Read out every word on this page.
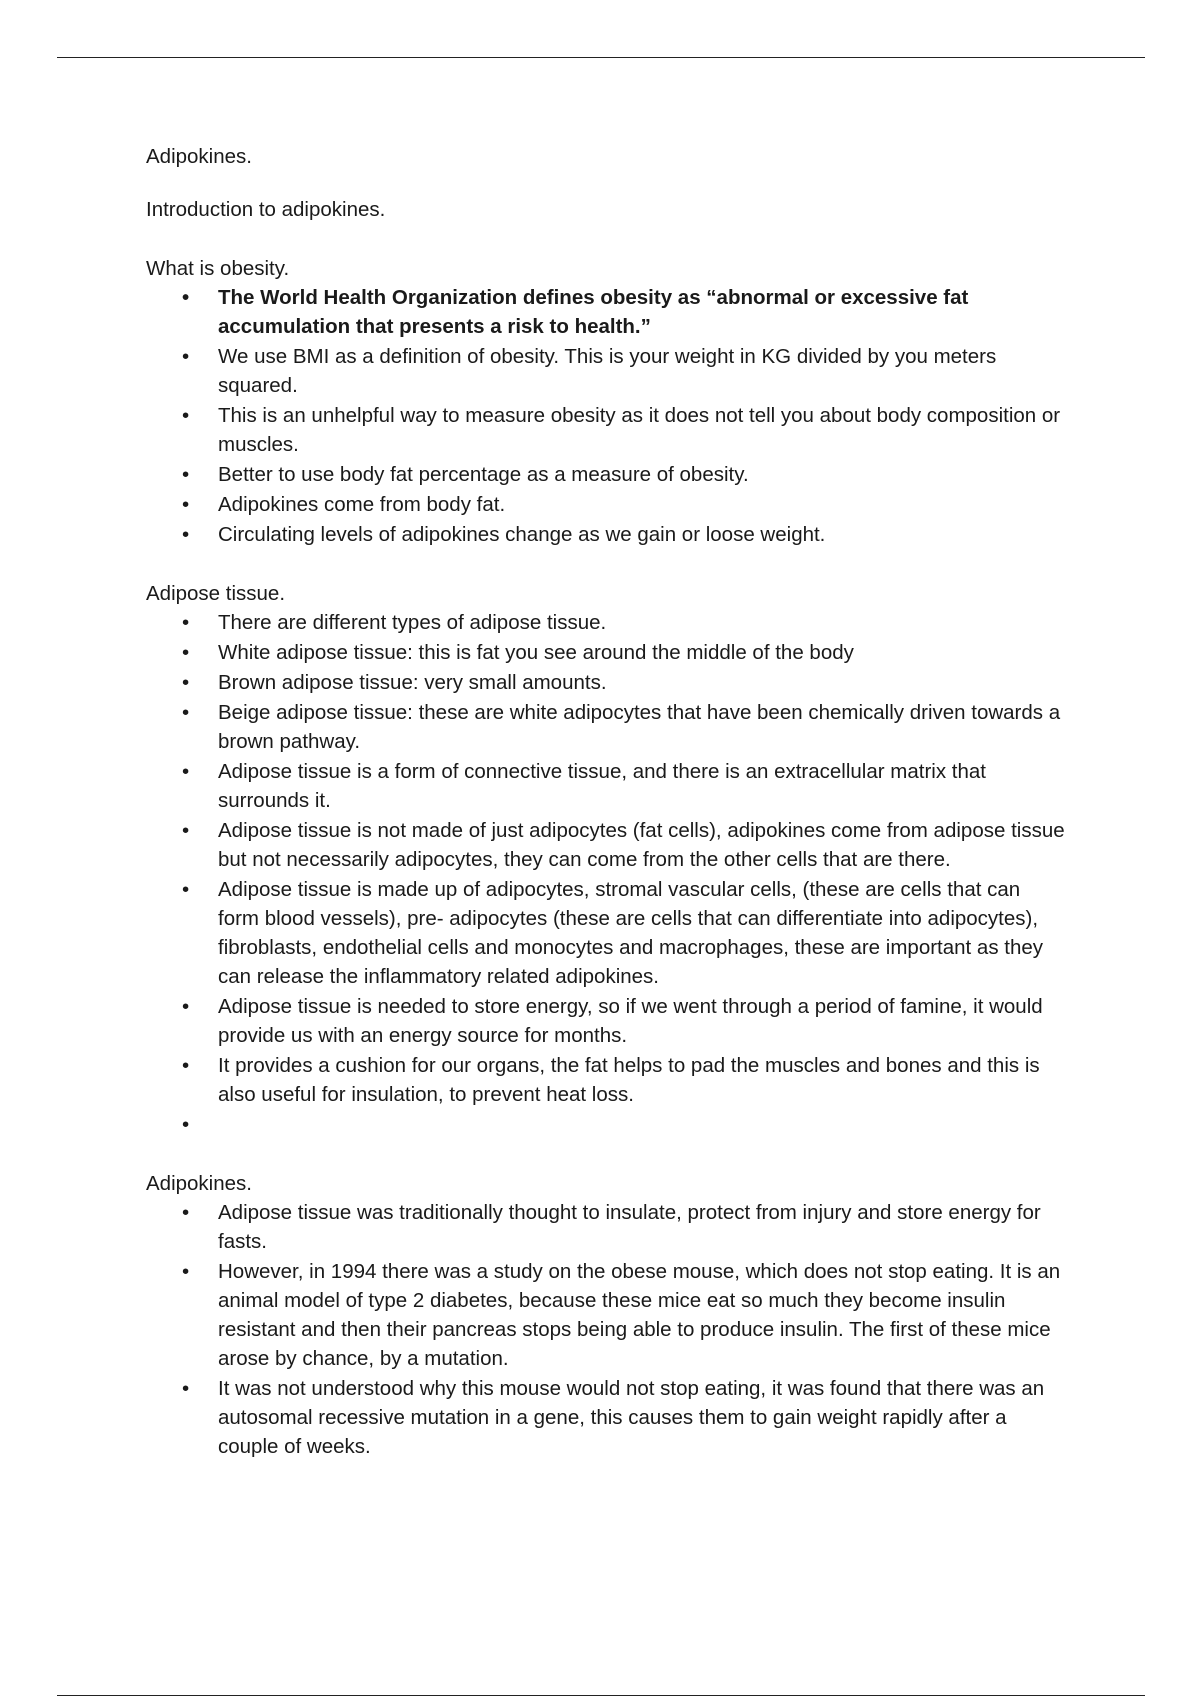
Adipokines.

Introduction to adipokines.

What is obesity.

• The World Health Organization defines obesity as “abnormal or excessive fat accumulation that presents a risk to health.”
• We use BMI as a definition of obesity. This is your weight in KG divided by you meters squared.
• This is an unhelpful way to measure obesity as it does not tell you about body composition or muscles.
• Better to use body fat percentage as a measure of obesity.
• Adipokines come from body fat.
• Circulating levels of adipokines change as we gain or loose weight.

Adipose tissue.

• There are different types of adipose tissue.
• White adipose tissue: this is fat you see around the middle of the body
• Brown adipose tissue: very small amounts.
• Beige adipose tissue: these are white adipocytes that have been chemically driven towards a brown pathway.
• Adipose tissue is a form of connective tissue, and there is an extracellular matrix that surrounds it.
• Adipose tissue is not made of just adipocytes (fat cells), adipokines come from adipose tissue but not necessarily adipocytes, they can come from the other cells that are there.
• Adipose tissue is made up of adipocytes, stromal vascular cells, (these are cells that can form blood vessels), pre- adipocytes (these are cells that can differentiate into adipocytes), fibroblasts, endothelial cells and monocytes and macrophages, these are important as they can release the inflammatory related adipokines.
• Adipose tissue is needed to store energy, so if we went through a period of famine, it would provide us with an energy source for months.
• It provides a cushion for our organs, the fat helps to pad the muscles and bones and this is also useful for insulation, to prevent heat loss.
•

Adipokines.

• Adipose tissue was traditionally thought to insulate, protect from injury and store energy for fasts.
• However, in 1994 there was a study on the obese mouse, which does not stop eating. It is an animal model of type 2 diabetes, because these mice eat so much they become insulin resistant and then their pancreas stops being able to produce insulin. The first of these mice arose by chance, by a mutation.
• It was not understood why this mouse would not stop eating, it was found that there was an autosomal recessive mutation in a gene, this causes them to gain weight rapidly after a couple of weeks.
